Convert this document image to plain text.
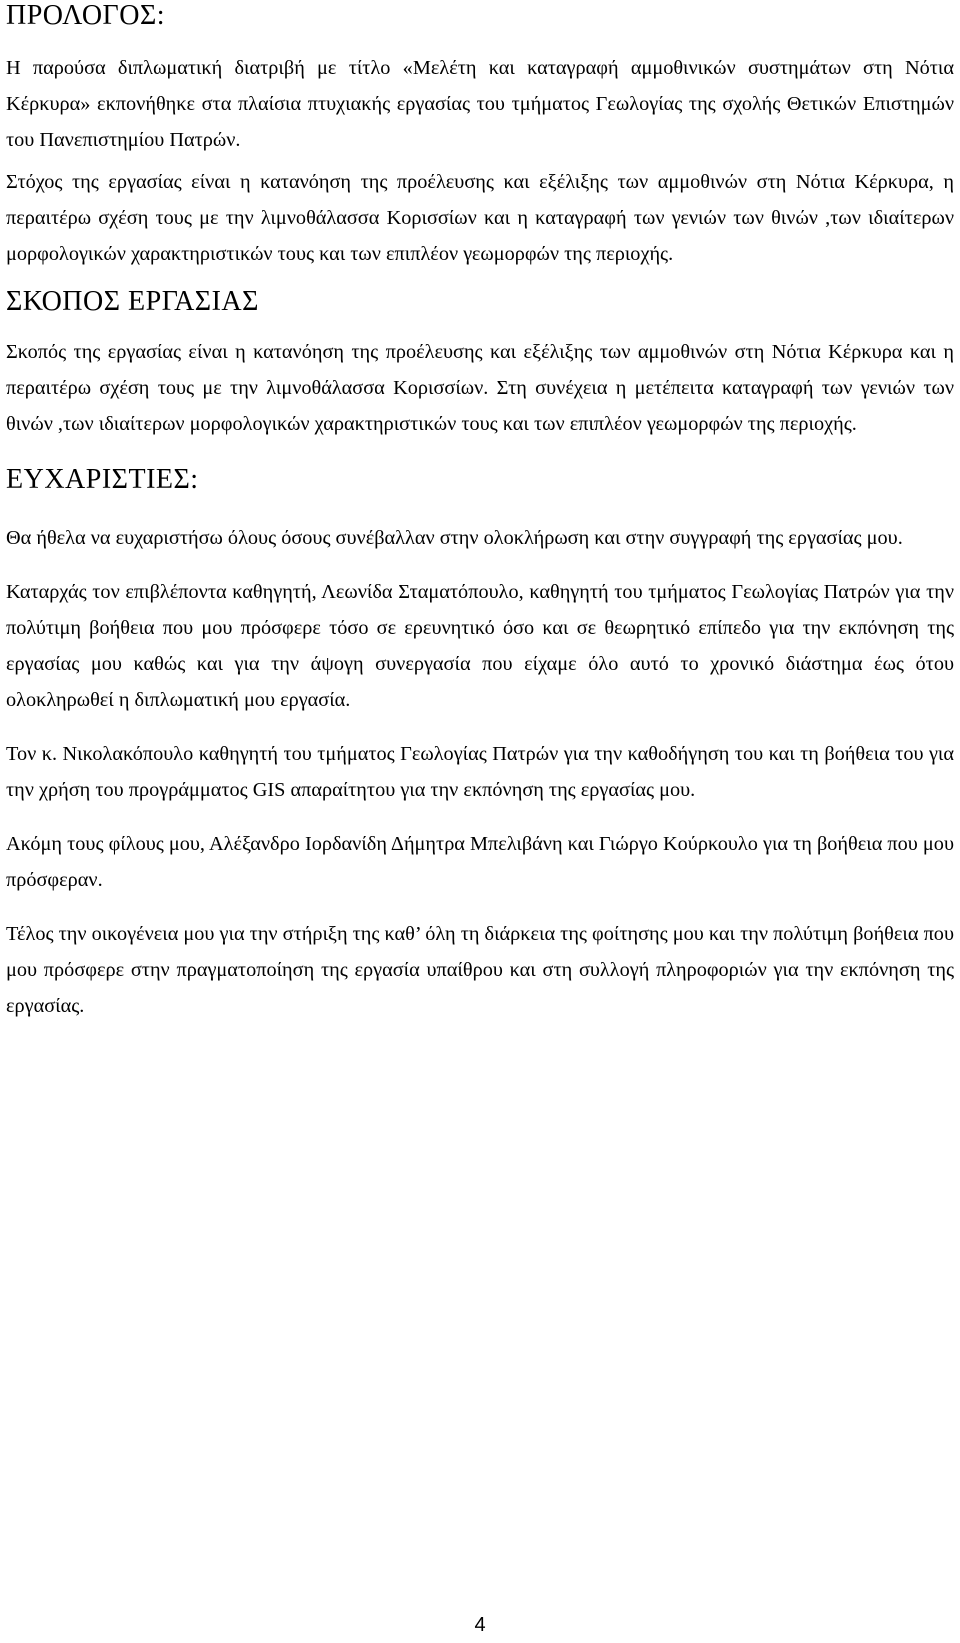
ΠΡΟΛΟΓΟΣ:

Η παρούσα διπλωματική διατριβή με τίτλο «Μελέτη και καταγραφή αμμοθινικών συστημάτων στη Νότια Κέρκυρα» εκπονήθηκε στα πλαίσια πτυχιακής εργασίας του τμήματος Γεωλογίας της σχολής Θετικών Επιστημών του Πανεπιστημίου Πατρών.

Στόχος της εργασίας είναι η κατανόηση της προέλευσης και εξέλιξης των αμμοθινών στη Νότια Κέρκυρα, η περαιτέρω σχέση τους με την λιμνοθάλασσα Κορισσίων και η καταγραφή των γενιών των θινών ,των ιδιαίτερων μορφολογικών χαρακτηριστικών τους και των επιπλέον γεωμορφών της περιοχής.

ΣΚΟΠΟΣ ΕΡΓΑΣΙΑΣ

Σκοπός της εργασίας είναι η κατανόηση της προέλευσης και εξέλιξης των αμμοθινών στη Νότια Κέρκυρα και η περαιτέρω σχέση τους με την λιμνοθάλασσα Κορισσίων. Στη συνέχεια η μετέπειτα καταγραφή των γενιών των θινών ,των ιδιαίτερων μορφολογικών χαρακτηριστικών τους και των επιπλέον γεωμορφών της περιοχής.

ΕΥΧΑΡΙΣΤΙΕΣ:

Θα ήθελα να ευχαριστήσω όλους όσους συνέβαλλαν στην ολοκλήρωση και στην συγγραφή της εργασίας μου.

Καταρχάς τον επιβλέποντα καθηγητή, Λεωνίδα Σταματόπουλο, καθηγητή του τμήματος Γεωλογίας Πατρών για την πολύτιμη βοήθεια που μου πρόσφερε τόσο σε ερευνητικό όσο και σε θεωρητικό επίπεδο για την εκπόνηση της εργασίας μου καθώς και για την άψογη συνεργασία που είχαμε όλο αυτό το χρονικό διάστημα έως ότου ολοκληρωθεί η διπλωματική μου εργασία.

Τον κ. Νικολακόπουλο καθηγητή του τμήματος Γεωλογίας Πατρών για την καθοδήγηση του και τη βοήθεια του για την χρήση του προγράμματος GIS απαραίτητου για την εκπόνηση της εργασίας μου.

Ακόμη τους φίλους μου, Αλέξανδρο Ιορδανίδη Δήμητρα Μπελιβάνη και Γιώργο Κούρκουλο για τη βοήθεια που μου πρόσφεραν.

Τέλος την οικογένεια μου για την στήριξη της καθ’ όλη τη διάρκεια της φοίτησης μου και την πολύτιμη βοήθεια που μου πρόσφερε στην πραγματοποίηση της εργασία υπαίθρου και στη συλλογή πληροφοριών για την εκπόνηση της εργασίας.

4
